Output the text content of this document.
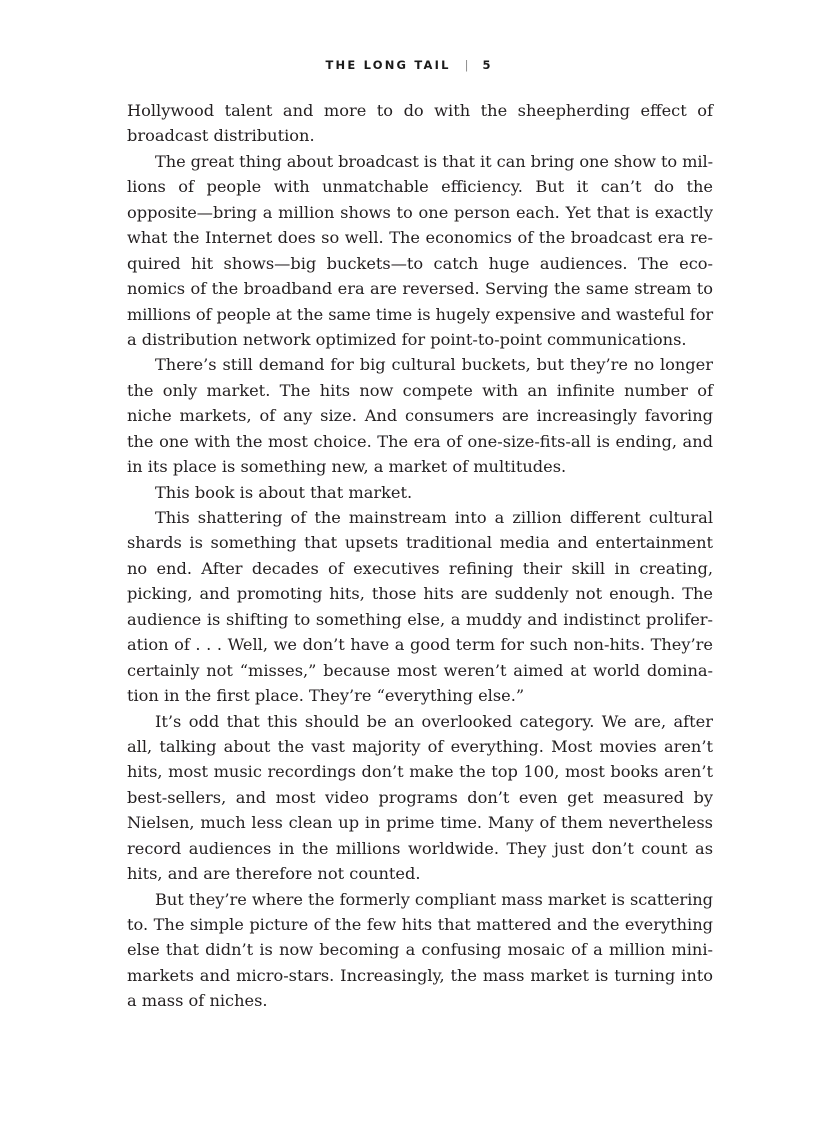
THE LONG TAIL | 5
Hollywood talent and more to do with the sheepherding effect of
broadcast distribution.
The great thing about broadcast is that it can bring one show to mil-
lions of people with unmatchable efficiency. But it can’t do the
opposite—bring a million shows to one person each. Yet that is exactly
what the Internet does so well. The economics of the broadcast era re-
quired hit shows—big buckets—to catch huge audiences. The eco-
nomics of the broadband era are reversed. Serving the same stream to
millions of people at the same time is hugely expensive and wasteful for
a distribution network optimized for point-to-point communications.
There’s still demand for big cultural buckets, but they’re no longer
the only market. The hits now compete with an infinite number of
niche markets, of any size. And consumers are increasingly favoring
the one with the most choice. The era of one-size-fits-all is ending, and
in its place is something new, a market of multitudes.
This book is about that market.
This shattering of the mainstream into a zillion different cultural
shards is something that upsets traditional media and entertainment
no end. After decades of executives refining their skill in creating,
picking, and promoting hits, those hits are suddenly not enough. The
audience is shifting to something else, a muddy and indistinct prolifer-
ation of . . . Well, we don’t have a good term for such non-hits. They’re
certainly not “misses,” because most weren’t aimed at world domina-
tion in the first place. They’re “everything else.”
It’s odd that this should be an overlooked category. We are, after
all, talking about the vast majority of everything. Most movies aren’t
hits, most music recordings don’t make the top 100, most books aren’t
best-sellers, and most video programs don’t even get measured by
Nielsen, much less clean up in prime time. Many of them nevertheless
record audiences in the millions worldwide. They just don’t count as
hits, and are therefore not counted.
But they’re where the formerly compliant mass market is scattering
to. The simple picture of the few hits that mattered and the everything
else that didn’t is now becoming a confusing mosaic of a million mini-
markets and micro-stars. Increasingly, the mass market is turning into
a mass of niches.
